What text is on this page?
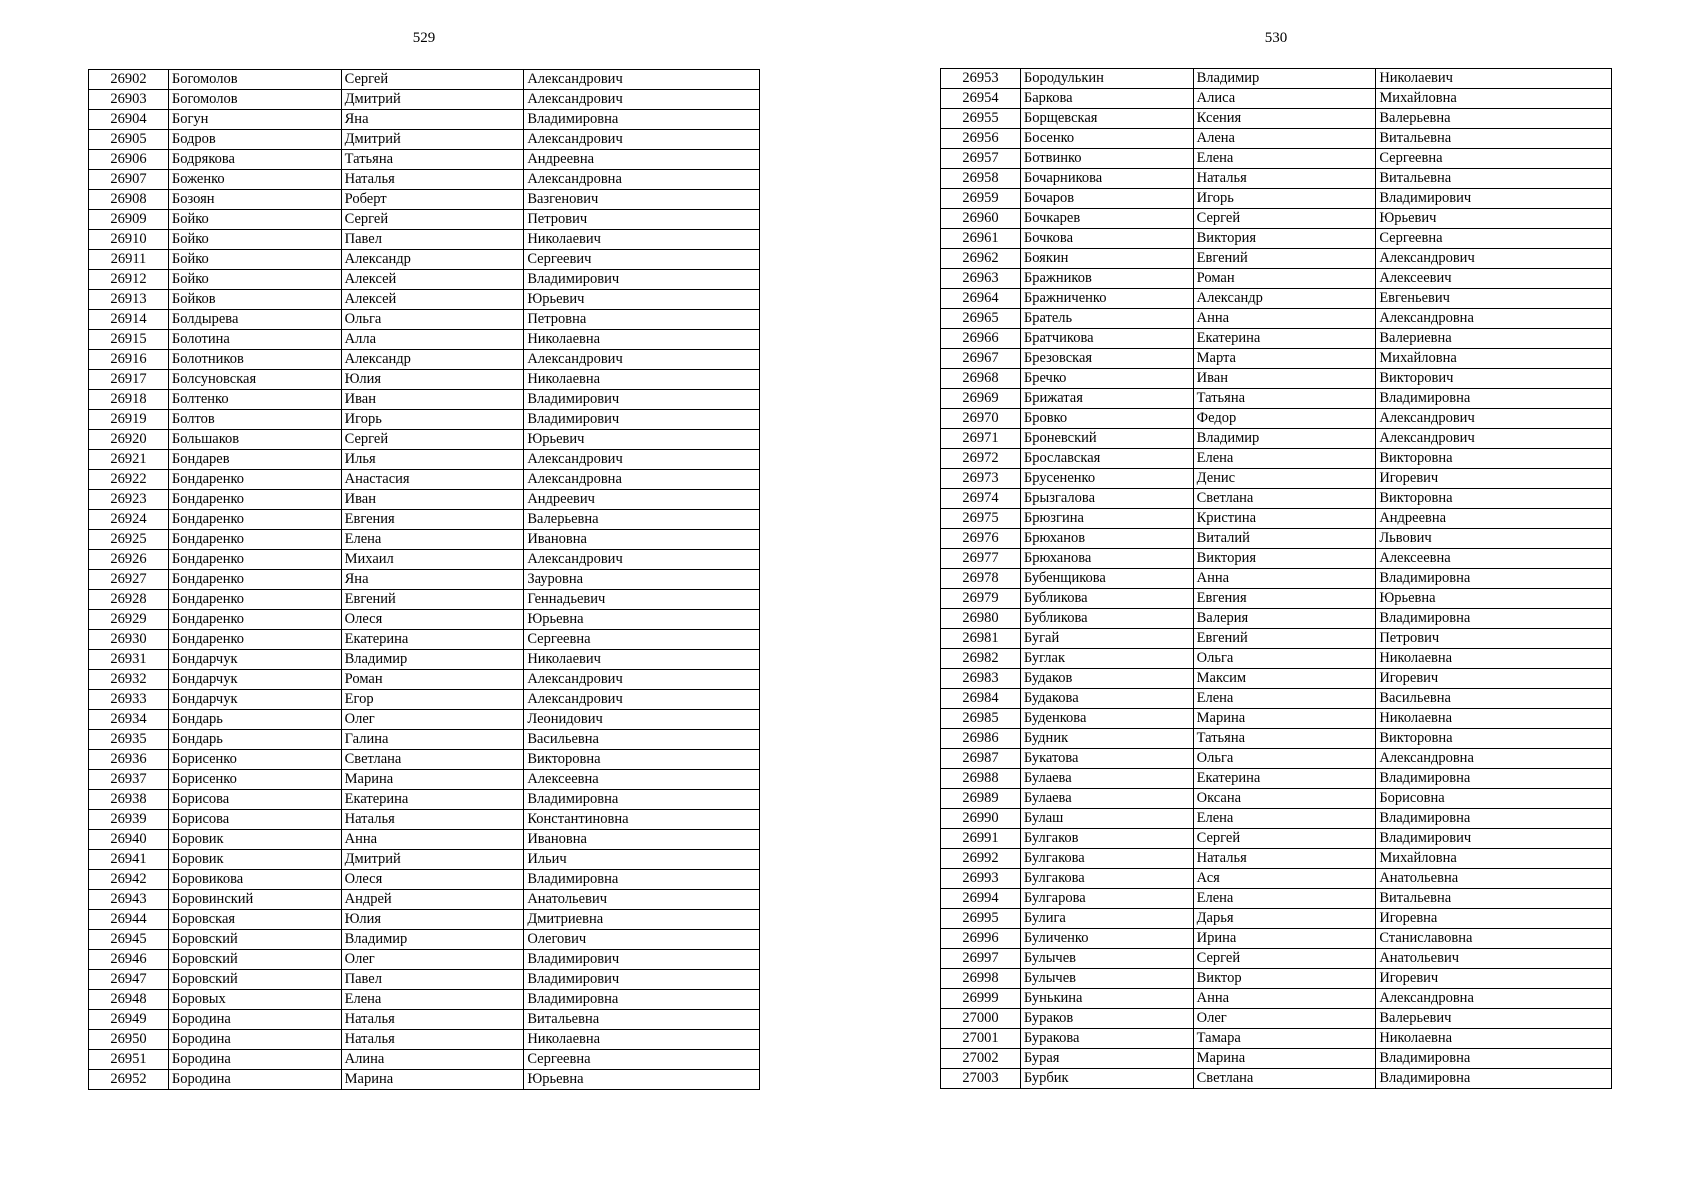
529
26902	Богомолов	Сергей	Александрович
26903	Богомолов	Дмитрий	Александрович
26904	Богун	Яна	Владимировна
26905	Бодров	Дмитрий	Александрович
26906	Бодрякова	Татьяна	Андреевна
26907	Боженко	Наталья	Александровна
26908	Бозоян	Роберт	Вазгенович
26909	Бойко	Сергей	Петрович
26910	Бойко	Павел	Николаевич
26911	Бойко	Александр	Сергеевич
26912	Бойко	Алексей	Владимирович
26913	Бойков	Алексей	Юрьевич
26914	Болдырева	Ольга	Петровна
26915	Болотина	Алла	Николаевна
26916	Болотников	Александр	Александрович
26917	Болсуновская	Юлия	Николаевна
26918	Болтенко	Иван	Владимирович
26919	Болтов	Игорь	Владимирович
26920	Большаков	Сергей	Юрьевич
26921	Бондарев	Илья	Александрович
26922	Бондаренко	Анастасия	Александровна
26923	Бондаренко	Иван	Андреевич
26924	Бондаренко	Евгения	Валерьевна
26925	Бондаренко	Елена	Ивановна
26926	Бондаренко	Михаил	Александрович
26927	Бондаренко	Яна	Зауровна
26928	Бондаренко	Евгений	Геннадьевич
26929	Бондаренко	Олеся	Юрьевна
26930	Бондаренко	Екатерина	Сергеевна
26931	Бондарчук	Владимир	Николаевич
26932	Бондарчук	Роман	Александрович
26933	Бондарчук	Егор	Александрович
26934	Бондарь	Олег	Леонидович
26935	Бондарь	Галина	Васильевна
26936	Борисенко	Светлана	Викторовна
26937	Борисенко	Марина	Алексеевна
26938	Борисова	Екатерина	Владимировна
26939	Борисова	Наталья	Константиновна
26940	Боровик	Анна	Ивановна
26941	Боровик	Дмитрий	Ильич
26942	Боровикова	Олеся	Владимировна
26943	Боровинский	Андрей	Анатольевич
26944	Боровская	Юлия	Дмитриевна
26945	Боровский	Владимир	Олегович
26946	Боровский	Олег	Владимирович
26947	Боровский	Павел	Владимирович
26948	Боровых	Елена	Владимировна
26949	Бородина	Наталья	Витальевна
26950	Бородина	Наталья	Николаевна
26951	Бородина	Алина	Сергеевна
26952	Бородина	Марина	Юрьевна
530
26953	Бородулькин	Владимир	Николаевич
26954	Баркова	Алиса	Михайловна
26955	Борщевская	Ксения	Валерьевна
26956	Босенко	Алена	Витальевна
26957	Ботвинко	Елена	Сергеевна
26958	Бочарникова	Наталья	Витальевна
26959	Бочаров	Игорь	Владимирович
26960	Бочкарев	Сергей	Юрьевич
26961	Бочкова	Виктория	Сергеевна
26962	Боякин	Евгений	Александрович
26963	Бражников	Роман	Алексеевич
26964	Бражниченко	Александр	Евгеньевич
26965	Братель	Анна	Александровна
26966	Братчикова	Екатерина	Валериевна
26967	Брезовская	Марта	Михайловна
26968	Бречко	Иван	Викторович
26969	Брижатая	Татьяна	Владимировна
26970	Бровко	Федор	Александрович
26971	Броневский	Владимир	Александрович
26972	Брославская	Елена	Викторовна
26973	Брусененко	Денис	Игоревич
26974	Брызгалова	Светлана	Викторовна
26975	Брюзгина	Кристина	Андреевна
26976	Брюханов	Виталий	Львович
26977	Брюханова	Виктория	Алексеевна
26978	Бубенщикова	Анна	Владимировна
26979	Бубликова	Евгения	Юрьевна
26980	Бубликова	Валерия	Владимировна
26981	Бугай	Евгений	Петрович
26982	Буглак	Ольга	Николаевна
26983	Будаков	Максим	Игоревич
26984	Будакова	Елена	Васильевна
26985	Буденкова	Марина	Николаевна
26986	Будник	Татьяна	Викторовна
26987	Букатова	Ольга	Александровна
26988	Булаева	Екатерина	Владимировна
26989	Булаева	Оксана	Борисовна
26990	Булаш	Елена	Владимировна
26991	Булгаков	Сергей	Владимирович
26992	Булгакова	Наталья	Михайловна
26993	Булгакова	Ася	Анатольевна
26994	Булгарова	Елена	Витальевна
26995	Булига	Дарья	Игоревна
26996	Буличенко	Ирина	Станиславовна
26997	Булычев	Сергей	Анатольевич
26998	Булычев	Виктор	Игоревич
26999	Бунькина	Анна	Александровна
27000	Бураков	Олег	Валерьевич
27001	Буракова	Тамара	Николаевна
27002	Бурая	Марина	Владимировна
27003	Бурбик	Светлана	Владимировна
